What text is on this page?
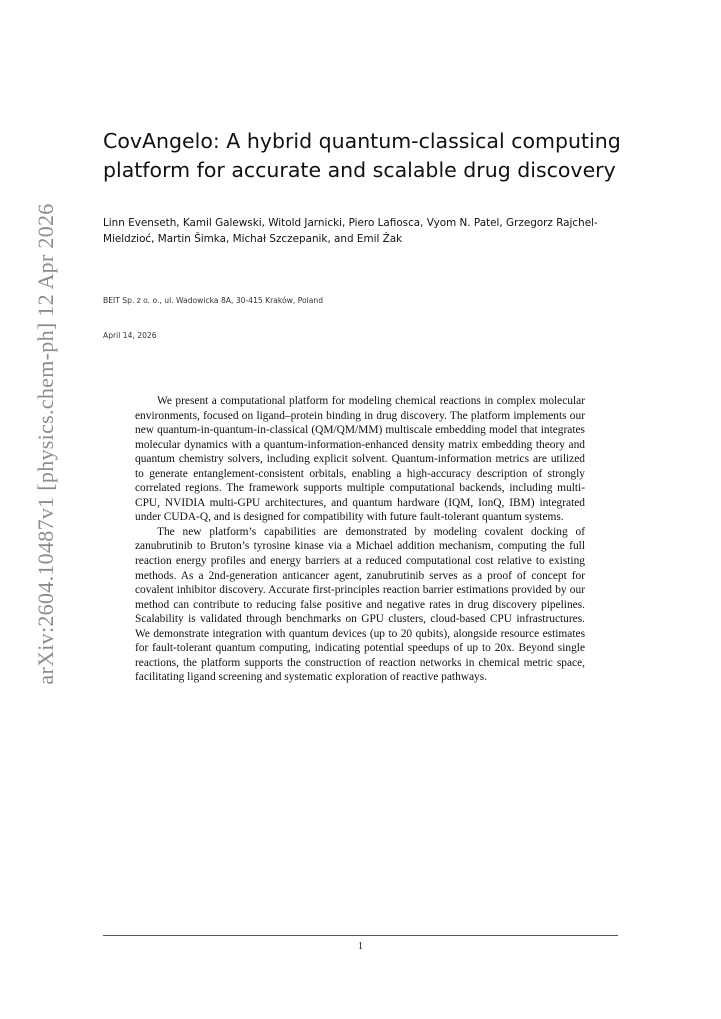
arXiv:2604.10487v1 [physics.chem-ph] 12 Apr 2026
CovAngelo: A hybrid quantum-classical computing platform for accurate and scalable drug discovery
Linn Evenseth, Kamil Galewski, Witold Jarnicki, Piero Lafiosca, Vyom N. Patel, Grzegorz Rajchel-Mieldzioć, Martin Šimka, Michał Szczepanik, and Emil Żak
BEIT Sp. z o. o., ul. Wadowicka 8A, 30-415 Kraków, Poland
April 14, 2026

We present a computational platform for modeling chemical reactions in complex molecular environments, focused on ligand–protein binding in drug discovery. The platform implements our new quantum-in-quantum-in-classical (QM/QM/MM) multiscale embedding model that integrates molecular dynamics with a quantum-information-enhanced density matrix embedding theory and quantum chemistry solvers, including explicit solvent. Quantum-information metrics are utilized to generate entanglement-consistent orbitals, enabling a high-accuracy description of strongly correlated regions. The framework supports multiple computational backends, including multi-CPU, NVIDIA multi-GPU architectures, and quantum hardware (IQM, IonQ, IBM) integrated under CUDA-Q, and is designed for compatibility with future fault-tolerant quantum systems.

The new platform’s capabilities are demonstrated by modeling covalent docking of zanubrutinib to Bruton’s tyrosine kinase via a Michael addition mechanism, computing the full reaction energy profiles and energy barriers at a reduced computational cost relative to existing methods. As a 2nd-generation anticancer agent, zanubrutinib serves as a proof of concept for covalent inhibitor discovery. Accurate first-principles reaction barrier estimations provided by our method can contribute to reducing false positive and negative rates in drug discovery pipelines. Scalability is validated through benchmarks on GPU clusters, cloud-based CPU infrastructures. We demonstrate integration with quantum devices (up to 20 qubits), alongside resource estimates for fault-tolerant quantum computing, indicating potential speedups of up to 20x. Beyond single reactions, the platform supports the construction of reaction networks in chemical metric space, facilitating ligand screening and systematic exploration of reactive pathways.

1
